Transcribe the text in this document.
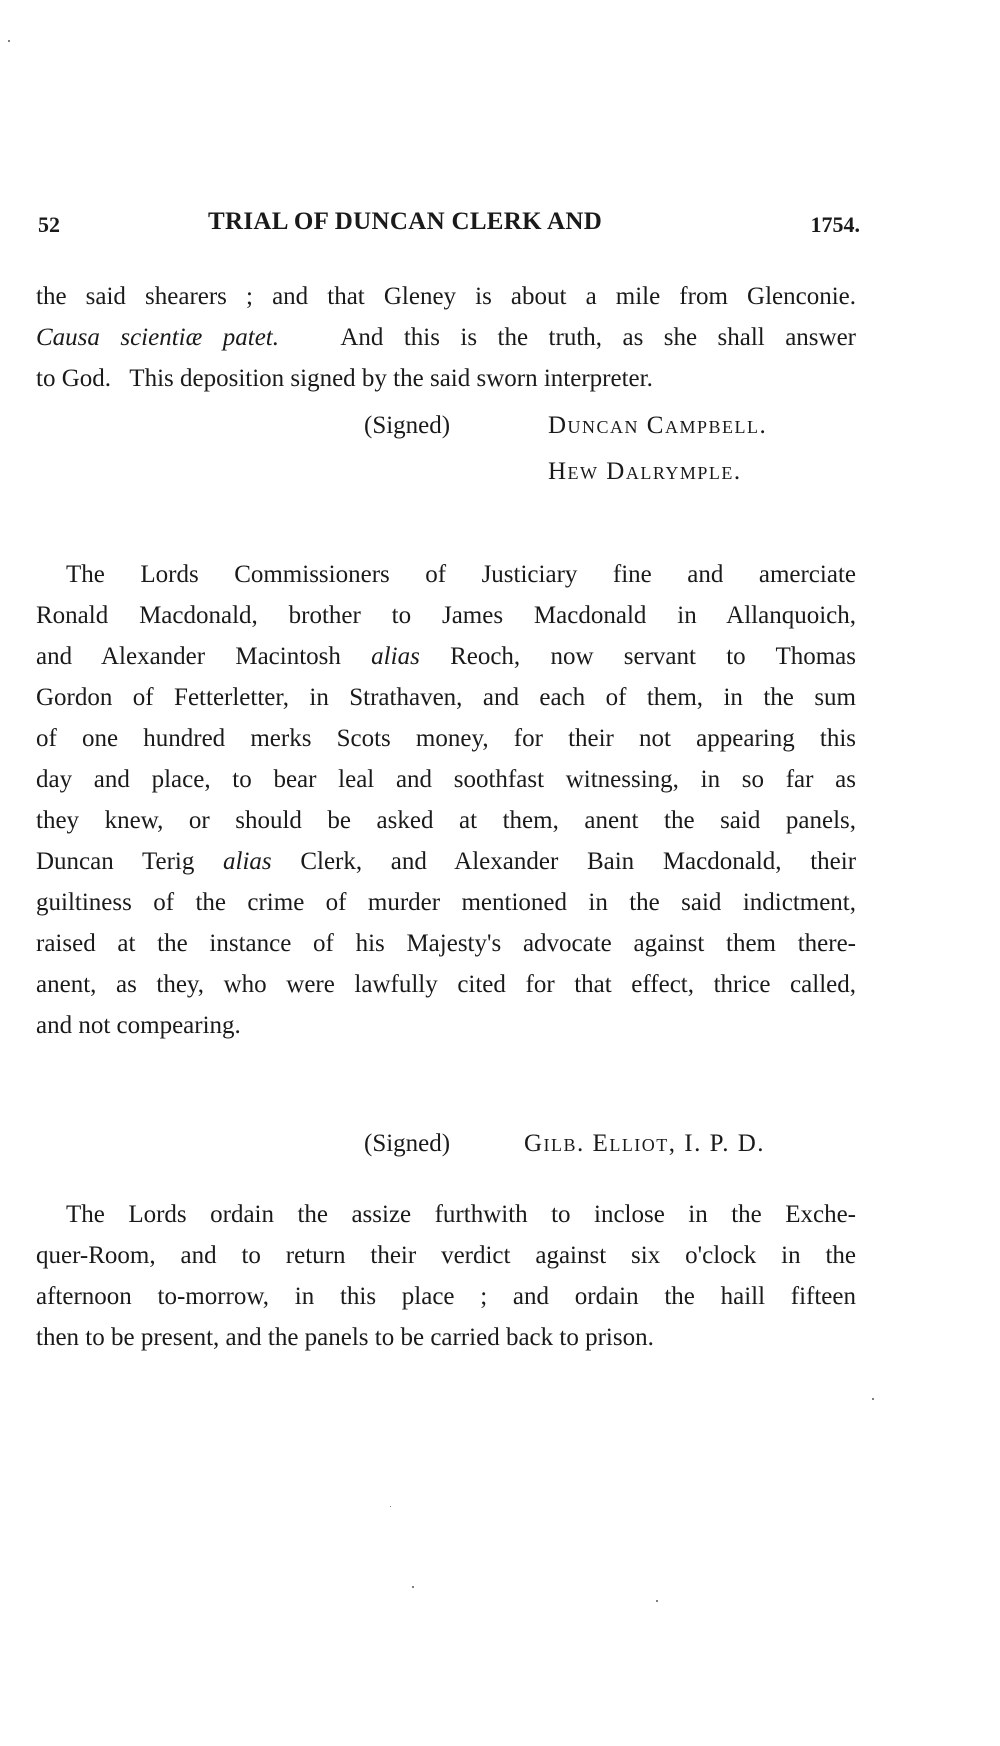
52	TRIAL OF DUNCAN CLERK AND	1754.
the said shearers ; and that Gleney is about a mile from Glenconie.
Causa scientiæ patet. And this is the truth, as she shall answer
to God.   This deposition signed by the said sworn interpreter.
(Signed)	Duncan Campbell.
Hew Dalrymple.
The Lords Commissioners of Justiciary fine and amerciate
Ronald Macdonald, brother to James Macdonald in Allanquoich,
and Alexander Macintosh alias Reoch, now servant to Thomas
Gordon of Fetterletter, in Strathaven, and each of them, in the sum
of one hundred merks Scots money, for their not appearing this
day and place, to bear leal and soothfast witnessing, in so far as
they knew, or should be asked at them, anent the said panels,
Duncan Terig alias Clerk, and Alexander Bain Macdonald, their
guiltiness of the crime of murder mentioned in the said indictment,
raised at the instance of his Majesty's advocate against them there-
anent, as they, who were lawfully cited for that effect, thrice called,
and not compearing.
(Signed)	Gilb. Elliot, I. P. D.
The Lords ordain the assize furthwith to inclose in the Exche-
quer-Room, and to return their verdict against six o'clock in the
afternoon to-morrow, in this place ; and ordain the haill fifteen
then to be present, and the panels to be carried back to prison.
